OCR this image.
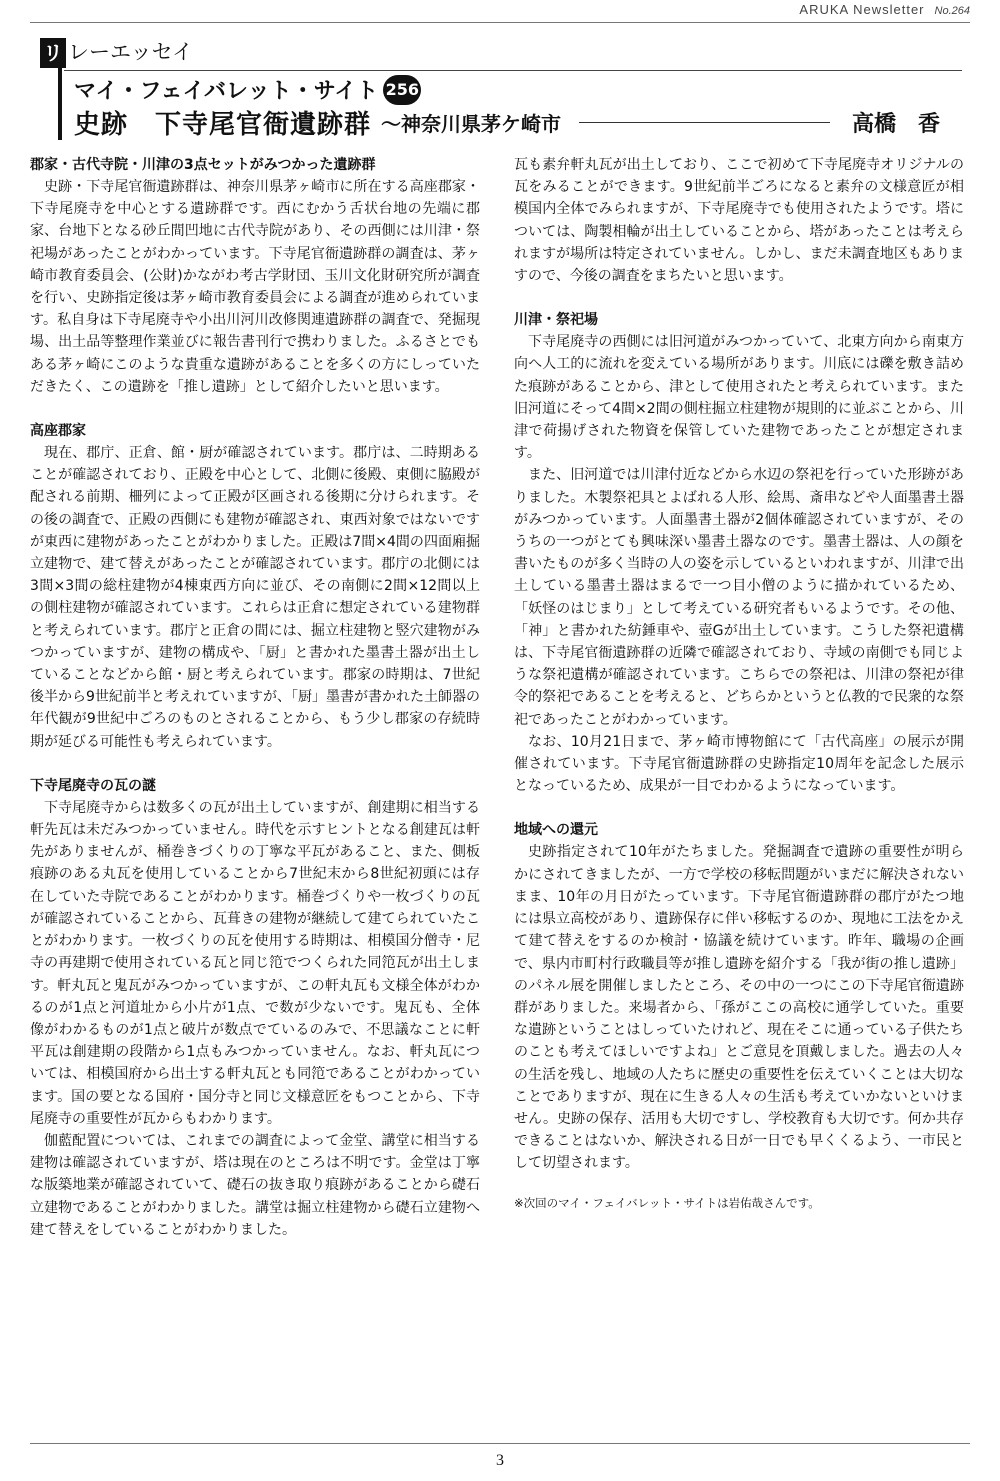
ARUKA Newsletter No.264
リ レーエッセイ
マイ・フェイバレット・サイト 256
史跡　下寺尾官衙遺跡群 ～神奈川県茅ケ崎市	高橋　香

郡家・古代寺院・川津の3点セットがみつかった遺跡群

史跡・下寺尾官衙遺跡群は、神奈川県茅ヶ崎市に所在する高座郡家・下寺尾廃寺を中心とする遺跡群です。西にむかう舌状台地の先端に郡家、台地下となる砂丘間凹地に古代寺院があり、その西側には川津・祭祀場があったことがわかっています。下寺尾官衙遺跡群の調査は、茅ヶ崎市教育委員会、(公財)かながわ考古学財団、玉川文化財研究所が調査を行い、史跡指定後は茅ヶ崎市教育委員会による調査が進められています。私自身は下寺尾廃寺や小出川河川改修関連遺跡群の調査で、発掘現場、出土品等整理作業並びに報告書刊行で携わりました。ふるさとでもある茅ヶ崎にこのような貴重な遺跡があることを多くの方にしっていただきたく、この遺跡を「推し遺跡」として紹介したいと思います。

高座郡家

現在、郡庁、正倉、館・厨が確認されています。郡庁は、二時期あることが確認されており、正殿を中心として、北側に後殿、東側に脇殿が配される前期、柵列によって正殿が区画される後期に分けられます。その後の調査で、正殿の西側にも建物が確認され、東西対象ではないですが東西に建物があったことがわかりました。正殿は7間×4間の四面廂掘立建物で、建て替えがあったことが確認されています。郡庁の北側には3間×3間の総柱建物が4棟東西方向に並び、その南側に2間×12間以上の側柱建物が確認されています。これらは正倉に想定されている建物群と考えられています。郡庁と正倉の間には、掘立柱建物と竪穴建物がみつかっていますが、建物の構成や、「厨」と書かれた墨書土器が出土していることなどから館・厨と考えられています。郡家の時期は、7世紀後半から9世紀前半と考えれていますが、「厨」墨書が書かれた土師器の年代観が9世紀中ごろのものとされることから、もう少し郡家の存続時期が延びる可能性も考えられています。

下寺尾廃寺の瓦の謎

下寺尾廃寺からは数多くの瓦が出土していますが、創建期に相当する軒先瓦は未だみつかっていません。時代を示すヒントとなる創建瓦は軒先がありませんが、桶巻きづくりの丁寧な平瓦があること、また、側板痕跡のある丸瓦を使用していることから7世紀末から8世紀初頭には存在していた寺院であることがわかります。桶巻づくりや一枚づくりの瓦が確認されていることから、瓦葺きの建物が継続して建てられていたことがわかります。一枚づくりの瓦を使用する時期は、相模国分僧寺・尼寺の再建期で使用されている瓦と同じ笵でつくられた同笵瓦が出土します。軒丸瓦と鬼瓦がみつかっていますが、この軒丸瓦も文様全体がわかるのが1点と河道址から小片が1点、で数が少ないです。鬼瓦も、全体像がわかるものが1点と破片が数点でているのみで、不思議なことに軒平瓦は創建期の段階から1点もみつかっていません。なお、軒丸瓦については、相模国府から出土する軒丸瓦とも同笵であることがわかっています。国の要となる国府・国分寺と同じ文様意匠をもつことから、下寺尾廃寺の重要性が瓦からもわかります。

伽藍配置については、これまでの調査によって金堂、講堂に相当する建物は確認されていますが、塔は現在のところは不明です。金堂は丁寧な版築地業が確認されていて、礎石の抜き取り痕跡があることから礎石立建物であることがわかりました。講堂は掘立柱建物から礎石立建物へ建て替えをしていることがわかりました。

瓦も素弁軒丸瓦が出土しており、ここで初めて下寺尾廃寺オリジナルの瓦をみることができます。9世紀前半ごろになると素弁の文様意匠が相模国内全体でみられますが、下寺尾廃寺でも使用されたようです。塔については、陶製相輪が出土していることから、塔があったことは考えられますが場所は特定されていません。しかし、まだ未調査地区もありますので、今後の調査をまちたいと思います。

川津・祭祀場

下寺尾廃寺の西側には旧河道がみつかっていて、北東方向から南東方向へ人工的に流れを変えている場所があります。川底には礫を敷き詰めた痕跡があることから、津として使用されたと考えられています。また旧河道にそって4間×2間の側柱掘立柱建物が規則的に並ぶことから、川津で荷揚げされた物資を保管していた建物であったことが想定されます。

また、旧河道では川津付近などから水辺の祭祀を行っていた形跡がありました。木製祭祀具とよばれる人形、絵馬、斎串などや人面墨書土器がみつかっています。人面墨書土器が2個体確認されていますが、そのうちの一つがとても興味深い墨書土器なのです。墨書土器は、人の顔を書いたものが多く当時の人の姿を示しているといわれますが、川津で出土している墨書土器はまるで一つ目小僧のように描かれているため、「妖怪のはじまり」として考えている研究者もいるようです。その他、「神」と書かれた紡錘車や、壺Gが出土しています。こうした祭祀遺構は、下寺尾官衙遺跡群の近隣で確認されており、寺域の南側でも同じような祭祀遺構が確認されています。こちらでの祭祀は、川津の祭祀が律令的祭祀であることを考えると、どちらかというと仏教的で民衆的な祭祀であったことがわかっています。

なお、10月21日まで、茅ヶ崎市博物館にて「古代高座」の展示が開催されています。下寺尾官衙遺跡群の史跡指定10周年を記念した展示となっているため、成果が一目でわかるようになっています。

地域への還元

史跡指定されて10年がたちました。発掘調査で遺跡の重要性が明らかにされてきましたが、一方で学校の移転問題がいまだに解決されないまま、10年の月日がたっています。下寺尾官衙遺跡群の郡庁がたつ地には県立高校があり、遺跡保存に伴い移転するのか、現地に工法をかえて建て替えをするのか検討・協議を続けています。昨年、職場の企画で、県内市町村行政職員等が推し遺跡を紹介する「我が街の推し遺跡」のパネル展を開催しましたところ、その中の一つにこの下寺尾官衙遺跡群がありました。来場者から、「孫がここの高校に通学していた。重要な遺跡ということはしっていたけれど、現在そこに通っている子供たちのことも考えてほしいですよね」とご意見を頂戴しました。過去の人々の生活を残し、地域の人たちに歴史の重要性を伝えていくことは大切なことでありますが、現在に生きる人々の生活も考えていかないといけません。史跡の保存、活用も大切ですし、学校教育も大切です。何か共存できることはないか、解決される日が一日でも早くくるよう、一市民として切望されます。

※次回のマイ・フェイバレット・サイトは岩佑哉さんです。

3
